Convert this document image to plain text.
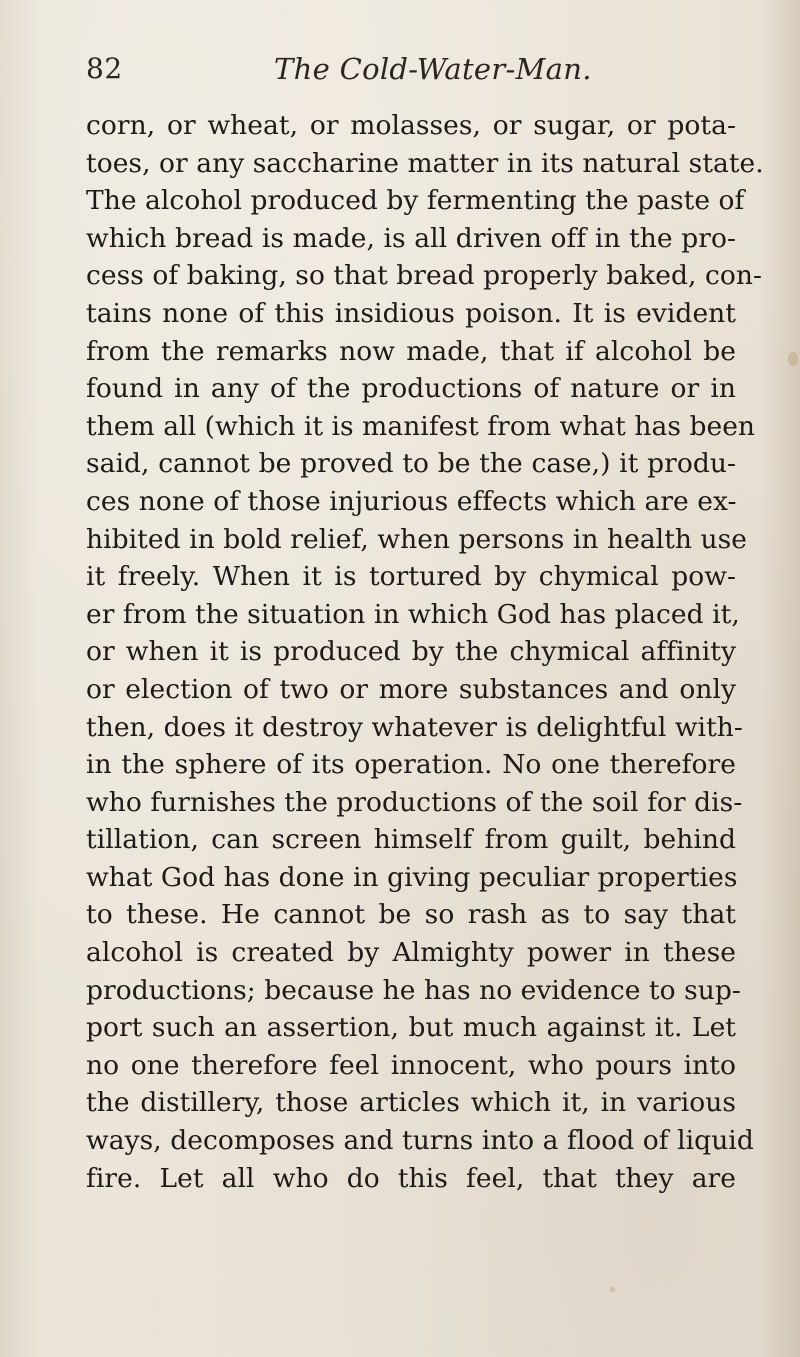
82	The Cold-Water-Man.
corn, or wheat, or molasses, or sugar, or pota-
toes, or any saccharine matter in its natural state.
The alcohol produced by fermenting the paste of
which bread is made, is all driven off in the pro-
cess of baking, so that bread properly baked, con-
tains none of this insidious poison. It is evident
from the remarks now made, that if alcohol be
found in any of the productions of nature or in
them all (which it is manifest from what has been
said, cannot be proved to be the case,) it produ-
ces none of those injurious effects which are ex-
hibited in bold relief, when persons in health use
it freely. When it is tortured by chymical pow-
er from the situation in which God has placed it,
or when it is produced by the chymical affinity
or election of two or more substances and only
then, does it destroy whatever is delightful with-
in the sphere of its operation. No one therefore
who furnishes the productions of the soil for dis-
tillation, can screen himself from guilt, behind
what God has done in giving peculiar properties
to these. He cannot be so rash as to say that
alcohol is created by Almighty power in these
productions; because he has no evidence to sup-
port such an assertion, but much against it. Let
no one therefore feel innocent, who pours into
the distillery, those articles which it, in various
ways, decomposes and turns into a flood of liquid
fire. Let all who do this feel, that they are
